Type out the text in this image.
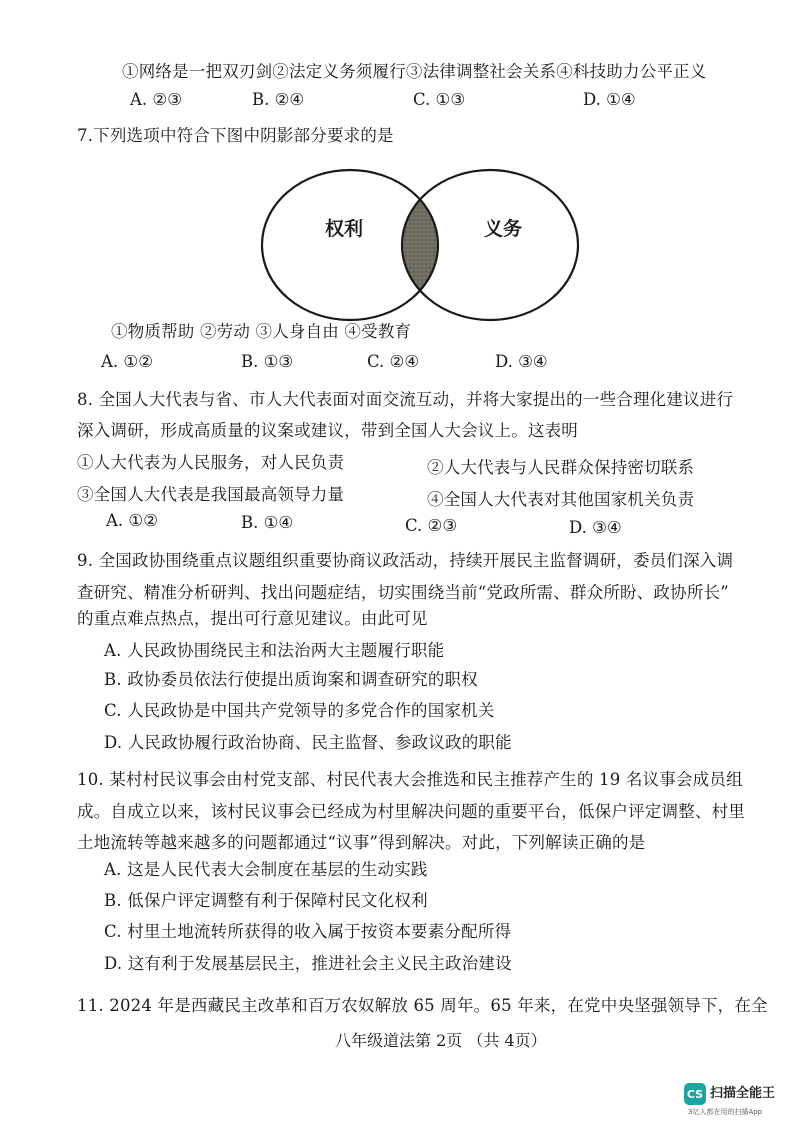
①网络是一把双刃剑②法定义务须履行③法律调整社会关系④科技助力公平正义
A. ②③	B. ②④	C. ①③	D. ①④
7.下列选项中符合下图中阴影部分要求的是
权利	义务
①物质帮助 ②劳动 ③人身自由 ④受教育
A. ①②	B. ①③	C. ②④	D. ③④
8. 全国人大代表与省、市人大代表面对面交流互动，并将大家提出的一些合理化建议进行
深入调研，形成高质量的议案或建议，带到全国人大会议上。这表明
①人大代表为人民服务，对人民负责	②人大代表与人民群众保持密切联系
③全国人大代表是我国最高领导力量	④全国人大代表对其他国家机关负责
A. ①②	B. ①④	C. ②③	D. ③④
9. 全国政协围绕重点议题组织重要协商议政活动，持续开展民主监督调研，委员们深入调
查研究、精准分析研判、找出问题症结，切实围绕当前“党政所需、群众所盼、政协所长”
的重点难点热点，提出可行意见建议。由此可见
A. 人民政协围绕民主和法治两大主题履行职能
B. 政协委员依法行使提出质询案和调查研究的职权
C. 人民政协是中国共产党领导的多党合作的国家机关
D. 人民政协履行政治协商、民主监督、参政议政的职能
10. 某村村民议事会由村党支部、村民代表大会推选和民主推荐产生的 19 名议事会成员组
成。自成立以来，该村民议事会已经成为村里解决问题的重要平台，低保户评定调整、村里
土地流转等越来越多的问题都通过“议事”得到解决。对此，下列解读正确的是
A. 这是人民代表大会制度在基层的生动实践
B. 低保户评定调整有利于保障村民文化权利
C. 村里土地流转所获得的收入属于按资本要素分配所得
D. 这有利于发展基层民主，推进社会主义民主政治建设
11. 2024 年是西藏民主改革和百万农奴解放 65 周年。65 年来，在党中央坚强领导下，在全
八年级道法第 2页 （共 4页）
CS 扫描全能王
3亿人都在用的扫描App
